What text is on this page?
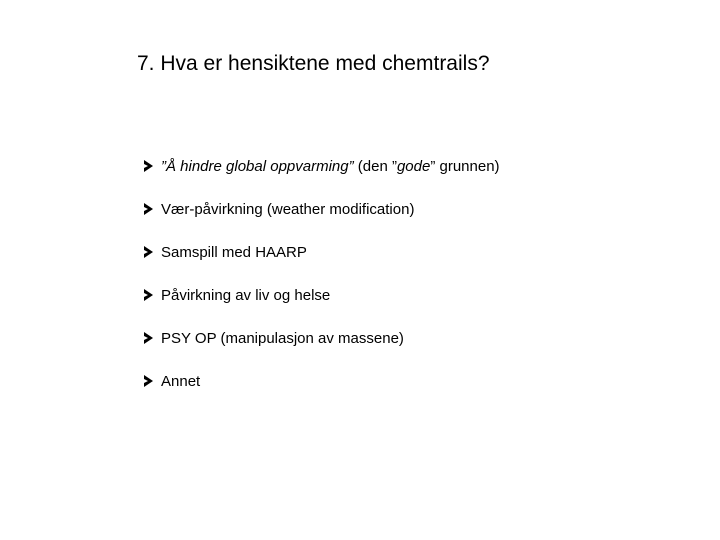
7. Hva er hensiktene med chemtrails?
”Å hindre global oppvarming” (den ”gode” grunnen)
Vær-påvirkning (weather modification)
Samspill med HAARP
Påvirkning av liv og helse
PSY OP (manipulasjon av massene)
Annet
